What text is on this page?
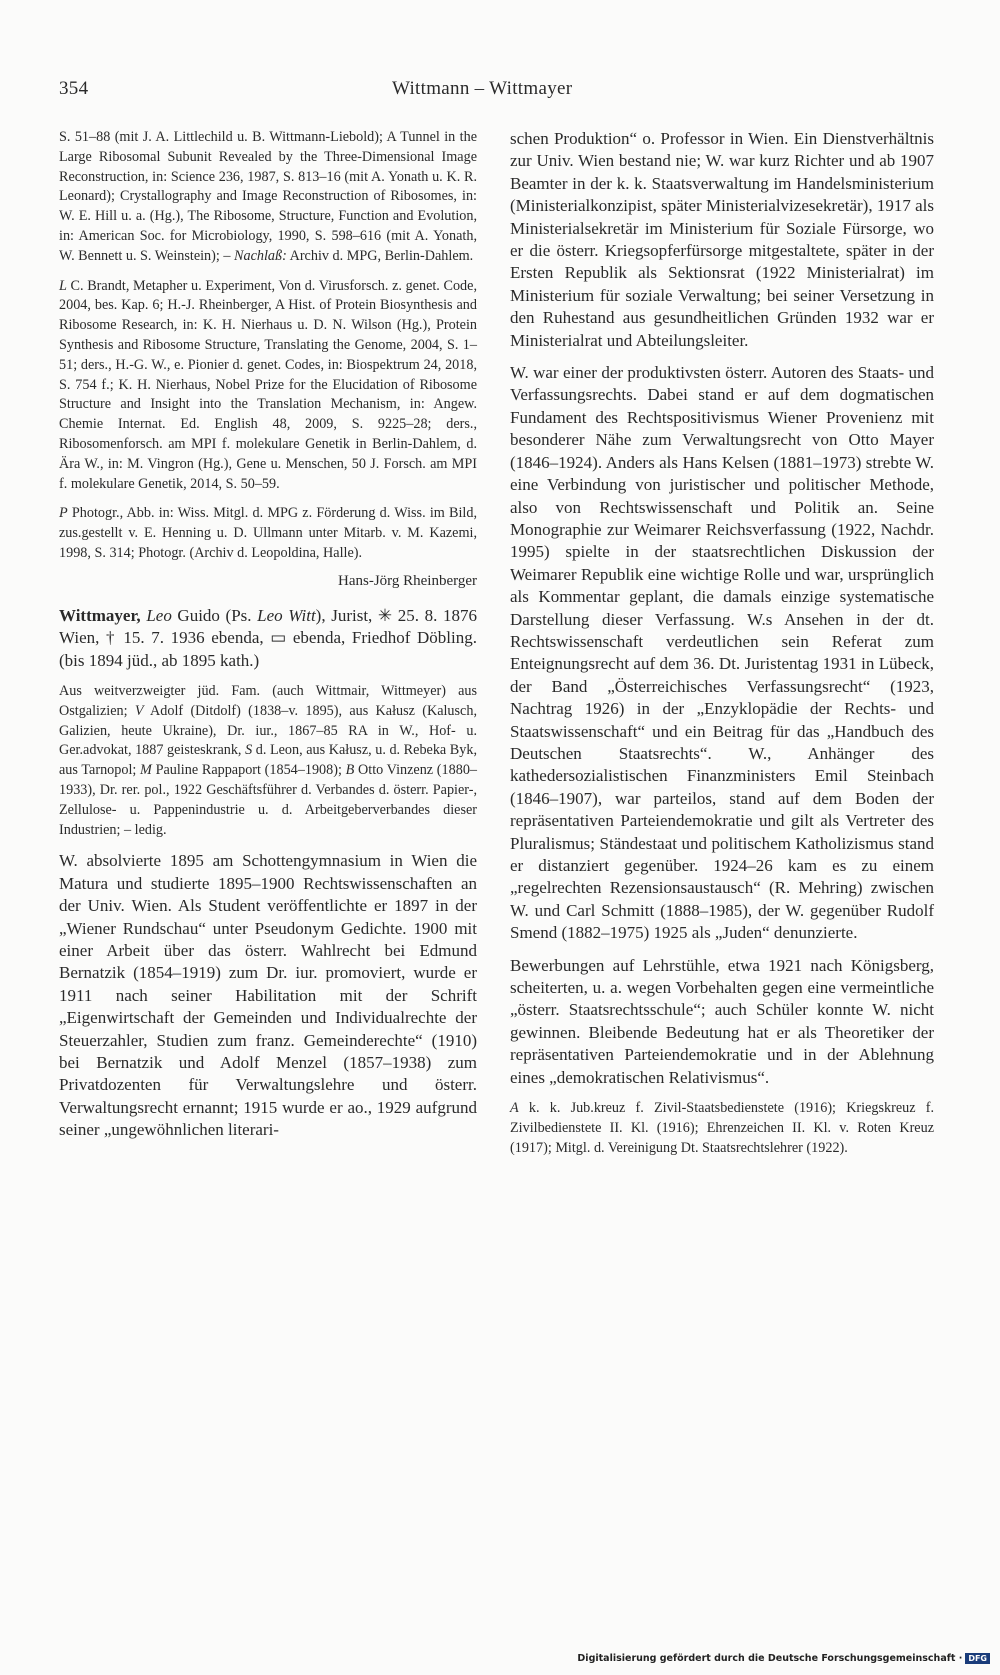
354	Wittmann – Wittmayer

S. 51–88 (mit J. A. Littlechild u. B. Wittmann-Liebold); A Tunnel in the Large Ribosomal Subunit Revealed by the Three-Dimensional Image Reconstruction, in: Science 236, 1987, S. 813–16 (mit A. Yonath u. K. R. Leonard); Crystallography and Image Reconstruction of Ribosomes, in: W. E. Hill u. a. (Hg.), The Ribosome, Structure, Function and Evolution, in: American Soc. for Microbiology, 1990, S. 598–616 (mit A. Yonath, W. Bennett u. S. Weinstein); – Nachlaß: Archiv d. MPG, Berlin-Dahlem.

L C. Brandt, Metapher u. Experiment, Von d. Virusforsch. z. genet. Code, 2004, bes. Kap. 6; H.-J. Rheinberger, A Hist. of Protein Biosynthesis and Ribosome Research, in: K. H. Nierhaus u. D. N. Wilson (Hg.), Protein Synthesis and Ribosome Structure, Translating the Genome, 2004, S. 1–51; ders., H.-G. W., e. Pionier d. genet. Codes, in: Biospektrum 24, 2018, S. 754 f.; K. H. Nierhaus, Nobel Prize for the Elucidation of Ribosome Structure and Insight into the Translation Mechanism, in: Angew. Chemie Internat. Ed. English 48, 2009, S. 9225–28; ders., Ribosomenforsch. am MPI f. molekulare Genetik in Berlin-Dahlem, d. Ära W., in: M. Vingron (Hg.), Gene u. Menschen, 50 J. Forsch. am MPI f. molekulare Genetik, 2014, S. 50–59.

P Photogr., Abb. in: Wiss. Mitgl. d. MPG z. Förderung d. Wiss. im Bild, zus.gestellt v. E. Henning u. D. Ullmann unter Mitarb. v. M. Kazemi, 1998, S. 314; Photogr. (Archiv d. Leopoldina, Halle).

Hans-Jörg Rheinberger

Wittmayer, Leo Guido (Ps. Leo Witt), Jurist, ✳ 25. 8. 1876 Wien, † 15. 7. 1936 ebenda, ▭ ebenda, Friedhof Döbling. (bis 1894 jüd., ab 1895 kath.)

Aus weitverzweigter jüd. Fam. (auch Wittmair, Wittmeyer) aus Ostgalizien; V Adolf (Ditdolf) (1838–v. 1895), aus Kałusz (Kalusch, Galizien, heute Ukraine), Dr. iur., 1867–85 RA in W., Hof- u. Ger.advokat, 1887 geisteskrank, S d. Leon, aus Kałusz, u. d. Rebeka Byk, aus Tarnopol; M Pauline Rappaport (1854–1908); B Otto Vinzenz (1880–1933), Dr. rer. pol., 1922 Geschäftsführer d. Verbandes d. österr. Papier-, Zellulose- u. Pappenindustrie u. d. Arbeitgeberverbandes dieser Industrien; – ledig.

W. absolvierte 1895 am Schottengymnasium in Wien die Matura und studierte 1895–1900 Rechtswissenschaften an der Univ. Wien. Als Student veröffentlichte er 1897 in der „Wiener Rundschau“ unter Pseudonym Gedichte. 1900 mit einer Arbeit über das österr. Wahlrecht bei Edmund Bernatzik (1854–1919) zum Dr. iur. promoviert, wurde er 1911 nach seiner Habilitation mit der Schrift „Eigenwirtschaft der Gemeinden und Individualrechte der Steuerzahler, Studien zum franz. Gemeinderechte“ (1910) bei Bernatzik und Adolf Menzel (1857–1938) zum Privatdozenten für Verwaltungslehre und österr. Verwaltungsrecht ernannt; 1915 wurde er ao., 1929 aufgrund seiner „ungewöhnlichen literari-

schen Produktion“ o. Professor in Wien. Ein Dienstverhältnis zur Univ. Wien bestand nie; W. war kurz Richter und ab 1907 Beamter in der k. k. Staatsverwaltung im Handelsministerium (Ministerialkonzipist, später Ministerialvizesekretär), 1917 als Ministerialsekretär im Ministerium für Soziale Fürsorge, wo er die österr. Kriegsopferfürsorge mitgestaltete, später in der Ersten Republik als Sektionsrat (1922 Ministerialrat) im Ministerium für soziale Verwaltung; bei seiner Versetzung in den Ruhestand aus gesundheitlichen Gründen 1932 war er Ministerialrat und Abteilungsleiter.

W. war einer der produktivsten österr. Autoren des Staats- und Verfassungsrechts. Dabei stand er auf dem dogmatischen Fundament des Rechtspositivismus Wiener Provenienz mit besonderer Nähe zum Verwaltungsrecht von Otto Mayer (1846–1924). Anders als Hans Kelsen (1881–1973) strebte W. eine Verbindung von juristischer und politischer Methode, also von Rechtswissenschaft und Politik an. Seine Monographie zur Weimarer Reichsverfassung (1922, Nachdr. 1995) spielte in der staatsrechtlichen Diskussion der Weimarer Republik eine wichtige Rolle und war, ursprünglich als Kommentar geplant, die damals einzige systematische Darstellung dieser Verfassung. W.s Ansehen in der dt. Rechtswissenschaft verdeutlichen sein Referat zum Enteignungsrecht auf dem 36. Dt. Juristentag 1931 in Lübeck, der Band „Österreichisches Verfassungsrecht“ (1923, Nachtrag 1926) in der „Enzyklopädie der Rechts- und Staatswissenschaft“ und ein Beitrag für das „Handbuch des Deutschen Staatsrechts“. W., Anhänger des kathedersozialistischen Finanzministers Emil Steinbach (1846–1907), war parteilos, stand auf dem Boden der repräsentativen Parteiendemokratie und gilt als Vertreter des Pluralismus; Ständestaat und politischem Katholizismus stand er distanziert gegenüber. 1924–26 kam es zu einem „regelrechten Rezensionsaustausch“ (R. Mehring) zwischen W. und Carl Schmitt (1888–1985), der W. gegenüber Rudolf Smend (1882–1975) 1925 als „Juden“ denunzierte.

Bewerbungen auf Lehrstühle, etwa 1921 nach Königsberg, scheiterten, u. a. wegen Vorbehalten gegen eine vermeintliche „österr. Staatsrechtsschule“; auch Schüler konnte W. nicht gewinnen. Bleibende Bedeutung hat er als Theoretiker der repräsentativen Parteiendemokratie und in der Ablehnung eines „demokratischen Relativismus“.

A k. k. Jub.kreuz f. Zivil-Staatsbedienstete (1916); Kriegskreuz f. Zivilbedienstete II. Kl. (1916); Ehrenzeichen II. Kl. v. Roten Kreuz (1917); Mitgl. d. Vereinigung Dt. Staatsrechtslehrer (1922).

Digitalisierung gefördert durch die Deutsche Forschungsgemeinschaft · DFG
